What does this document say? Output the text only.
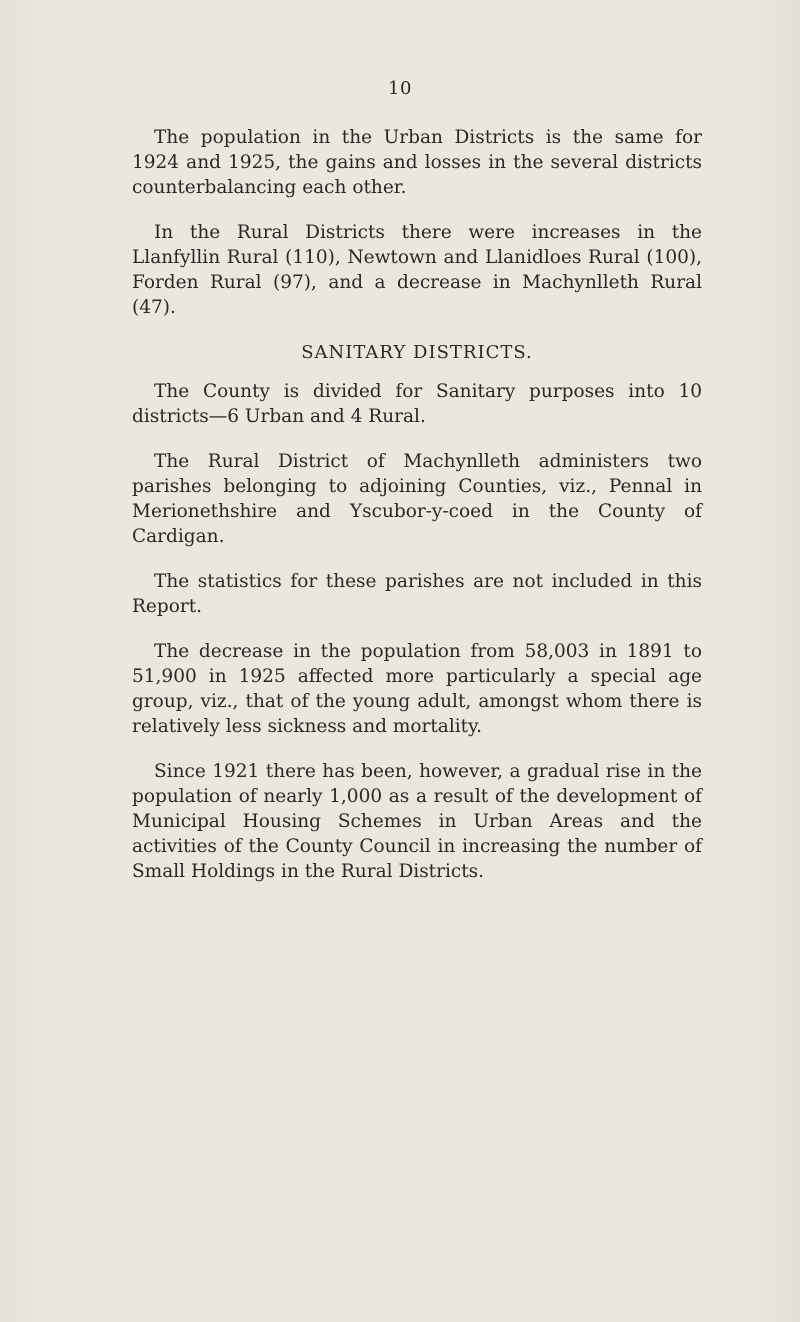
10

The population in the Urban Districts is the same for 1924 and 1925, the gains and losses in the several districts counterbalancing each other.

In the Rural Districts there were increases in the Llanfyllin Rural (110), Newtown and Llanidloes Rural (100), Forden Rural (97), and a decrease in Machynlleth Rural (47).

SANITARY DISTRICTS.

The County is divided for Sanitary purposes into 10 districts—6 Urban and 4 Rural.

The Rural District of Machynlleth administers two parishes belonging to adjoining Counties, viz., Pennal in Merionethshire and Yscubor-y-coed in the County of Cardigan.

The statistics for these parishes are not included in this Report.

The decrease in the population from 58,003 in 1891 to 51,900 in 1925 affected more particularly a special age group, viz., that of the young adult, amongst whom there is relatively less sickness and mortality.

Since 1921 there has been, however, a gradual rise in the population of nearly 1,000 as a result of the development of Municipal Housing Schemes in Urban Areas and the activities of the County Council in increasing the number of Small Holdings in the Rural Districts.
